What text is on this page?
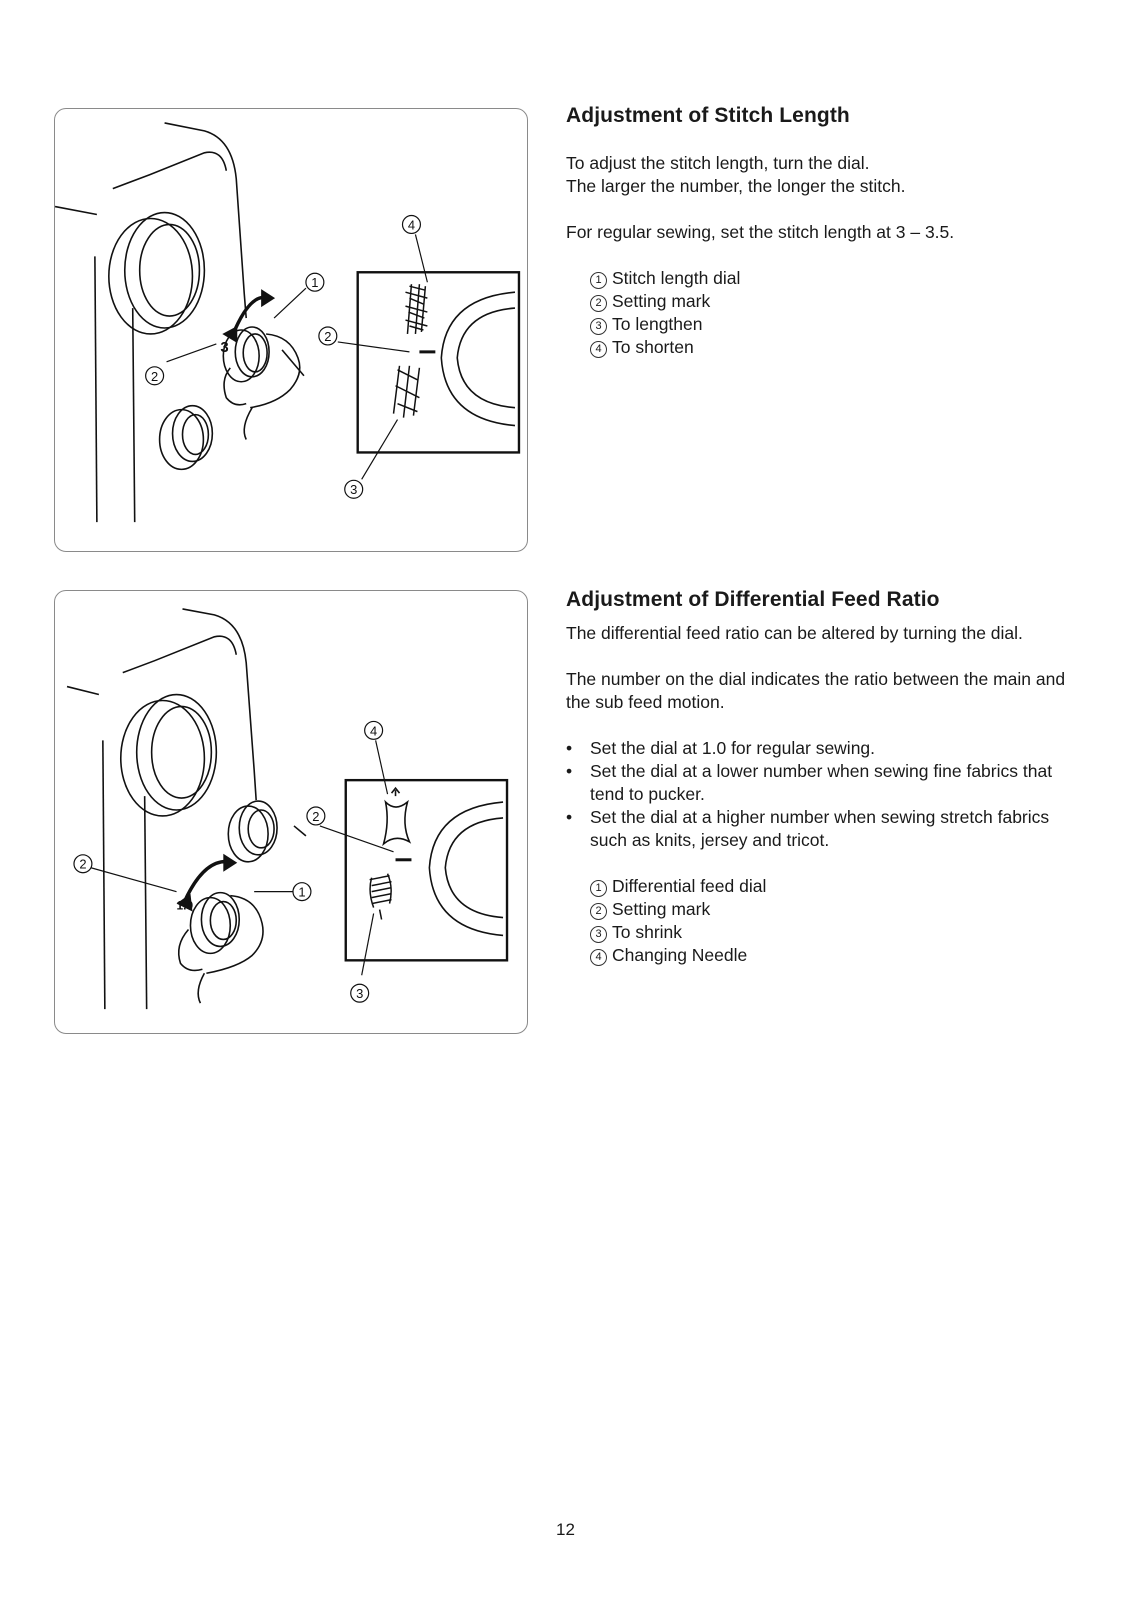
3
4
1
2
2
3
Adjustment of Stitch Length

To adjust the stitch length, turn the dial.

The larger the number, the longer the stitch.

For regular sewing, set the stitch length at 3 – 3.5.

1 Stitch length dial
2 Setting mark
3 To lengthen
4 To shorten
1.0
4
2
2
1
3
Adjustment of Differential Feed Ratio

The differential feed ratio can be altered by turning the dial.

The number on the dial indicates the ratio between the main and the sub feed motion.

• Set the dial at 1.0 for regular sewing.
• Set the dial at a lower number when sewing fine fabrics that tend to pucker.
• Set the dial at a higher number when sewing stretch fabrics such as knits, jersey and tricot.
1 Differential feed dial
2 Setting mark
3 To shrink
4 Changing Needle
12
